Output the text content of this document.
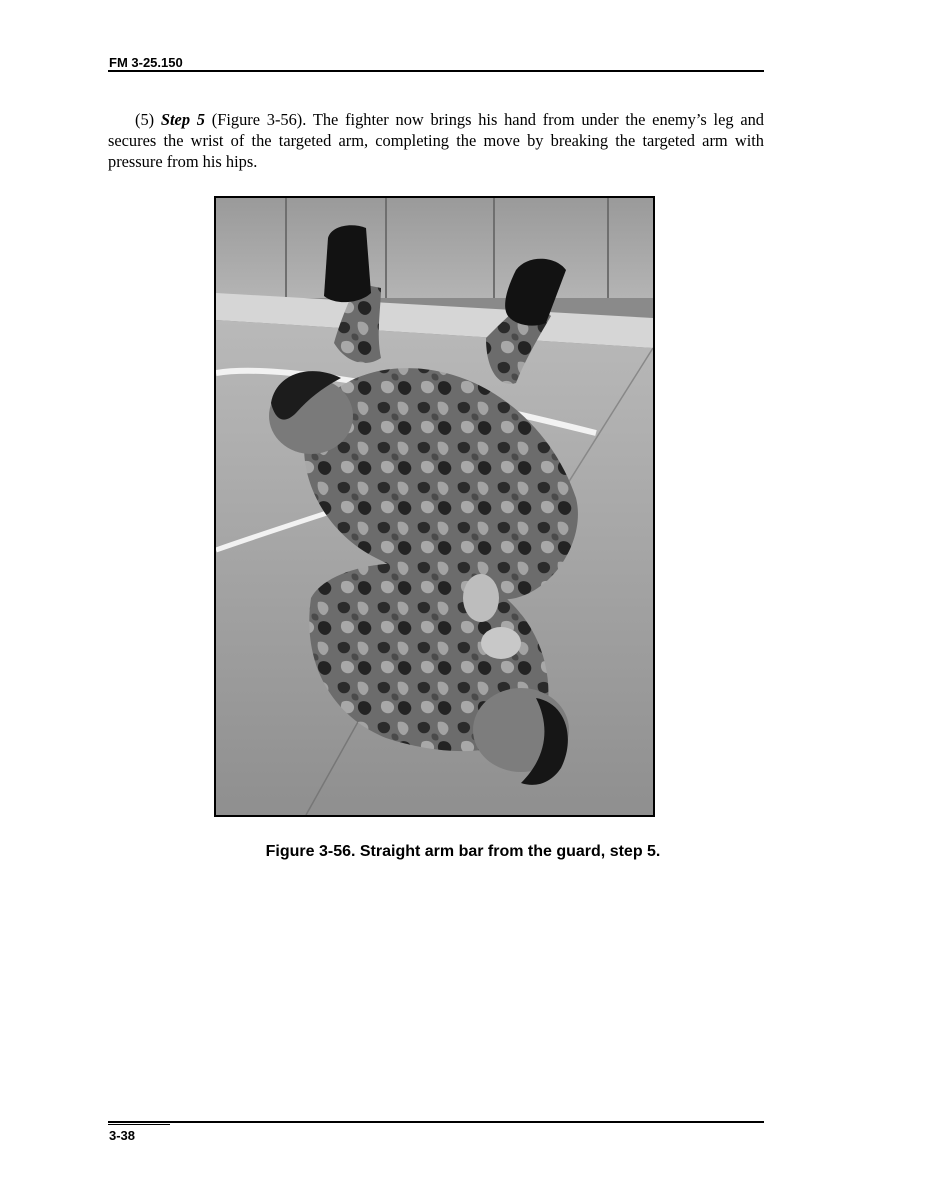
FM 3-25.150

(5) Step 5 (Figure 3-56). The fighter now brings his hand from under the enemy’s leg and secures the wrist of the targeted arm, completing the move by breaking the targeted arm with pressure from his hips.

Figure 3-56. Straight arm bar from the guard, step 5.
3-38
